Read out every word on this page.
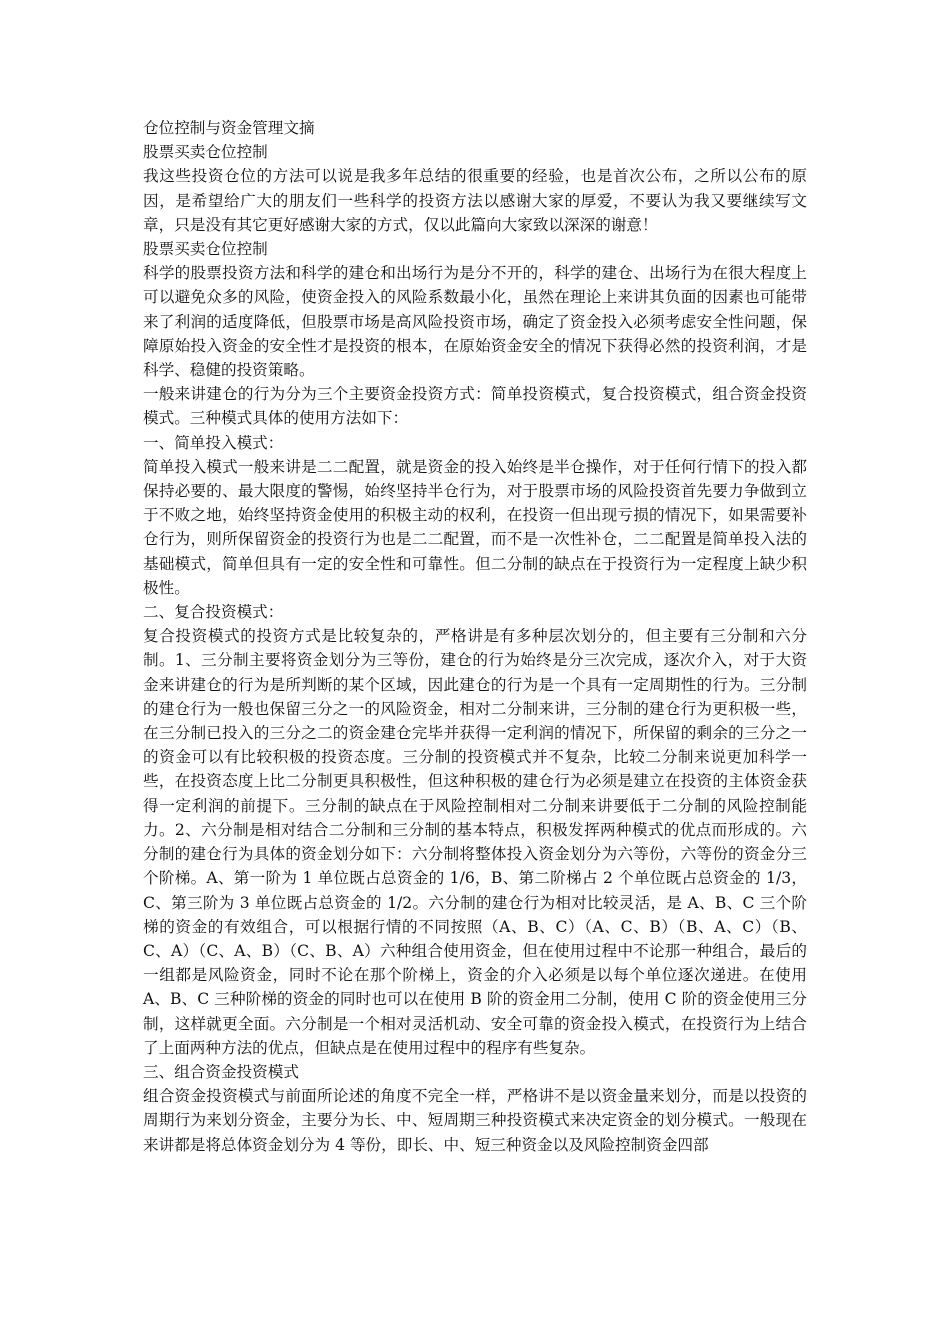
仓位控制与资金管理文摘

股票买卖仓位控制

我这些投资仓位的方法可以说是我多年总结的很重要的经验，也是首次公布，之所以公布的原因，是希望给广大的朋友们一些科学的投资方法以感谢大家的厚爱，不要认为我又要继续写文章，只是没有其它更好感谢大家的方式，仅以此篇向大家致以深深的谢意！

股票买卖仓位控制

科学的股票投资方法和科学的建仓和出场行为是分不开的，科学的建仓、出场行为在很大程度上可以避免众多的风险，使资金投入的风险系数最小化，虽然在理论上来讲其负面的因素也可能带来了利润的适度降低，但股票市场是高风险投资市场，确定了资金投入必须考虑安全性问题，保障原始投入资金的安全性才是投资的根本，在原始资金安全的情况下获得必然的投资利润，才是科学、稳健的投资策略。

一般来讲建仓的行为分为三个主要资金投资方式：简单投资模式，复合投资模式，组合资金投资模式。三种模式具体的使用方法如下：

一、简单投入模式：

简单投入模式一般来讲是二二配置，就是资金的投入始终是半仓操作，对于任何行情下的投入都保持必要的、最大限度的警惕，始终坚持半仓行为，对于股票市场的风险投资首先要力争做到立于不败之地，始终坚持资金使用的积极主动的权利，在投资一但出现亏损的情况下，如果需要补仓行为，则所保留资金的投资行为也是二二配置，而不是一次性补仓，二二配置是简单投入法的基础模式，简单但具有一定的安全性和可靠性。但二分制的缺点在于投资行为一定程度上缺少积极性。

二、复合投资模式：

复合投资模式的投资方式是比较复杂的，严格讲是有多种层次划分的，但主要有三分制和六分制。1、三分制主要将资金划分为三等份，建仓的行为始终是分三次完成，逐次介入，对于大资金来讲建仓的行为是所判断的某个区域，因此建仓的行为是一个具有一定周期性的行为。三分制的建仓行为一般也保留三分之一的风险资金，相对二分制来讲，三分制的建仓行为更积极一些，在三分制已投入的三分之二的资金建仓完毕并获得一定利润的情况下，所保留的剩余的三分之一的资金可以有比较积极的投资态度。三分制的投资模式并不复杂，比较二分制来说更加科学一些，在投资态度上比二分制更具积极性，但这种积极的建仓行为必须是建立在投资的主体资金获得一定利润的前提下。三分制的缺点在于风险控制相对二分制来讲要低于二分制的风险控制能力。2、六分制是相对结合二分制和三分制的基本特点，积极发挥两种模式的优点而形成的。六分制的建仓行为具体的资金划分如下：六分制将整体投入资金划分为六等份，六等份的资金分三个阶梯。A、第一阶为 1 单位既占总资金的 1/6，B、第二阶梯占 2 个单位既占总资金的 1/3，C、第三阶为 3 单位既占总资金的 1/2。六分制的建仓行为相对比较灵活，是 A、B、C 三个阶梯的资金的有效组合，可以根据行情的不同按照（A、B、C）（A、C、B）（B、A、C）（B、C、A）（C、A、B）（C、B、A）六种组合使用资金，但在使用过程中不论那一种组合，最后的一组都是风险资金，同时不论在那个阶梯上，资金的介入必须是以每个单位逐次递进。在使用 A、B、C 三种阶梯的资金的同时也可以在使用 B 阶的资金用二分制，使用 C 阶的资金使用三分制，这样就更全面。六分制是一个相对灵活机动、安全可靠的资金投入模式，在投资行为上结合了上面两种方法的优点，但缺点是在使用过程中的程序有些复杂。

三、组合资金投资模式

组合资金投资模式与前面所论述的角度不完全一样，严格讲不是以资金量来划分，而是以投资的周期行为来划分资金，主要分为长、中、短周期三种投资模式来决定资金的划分模式。一般现在来讲都是将总体资金划分为 4 等份，即长、中、短三种资金以及风险控制资金四部
